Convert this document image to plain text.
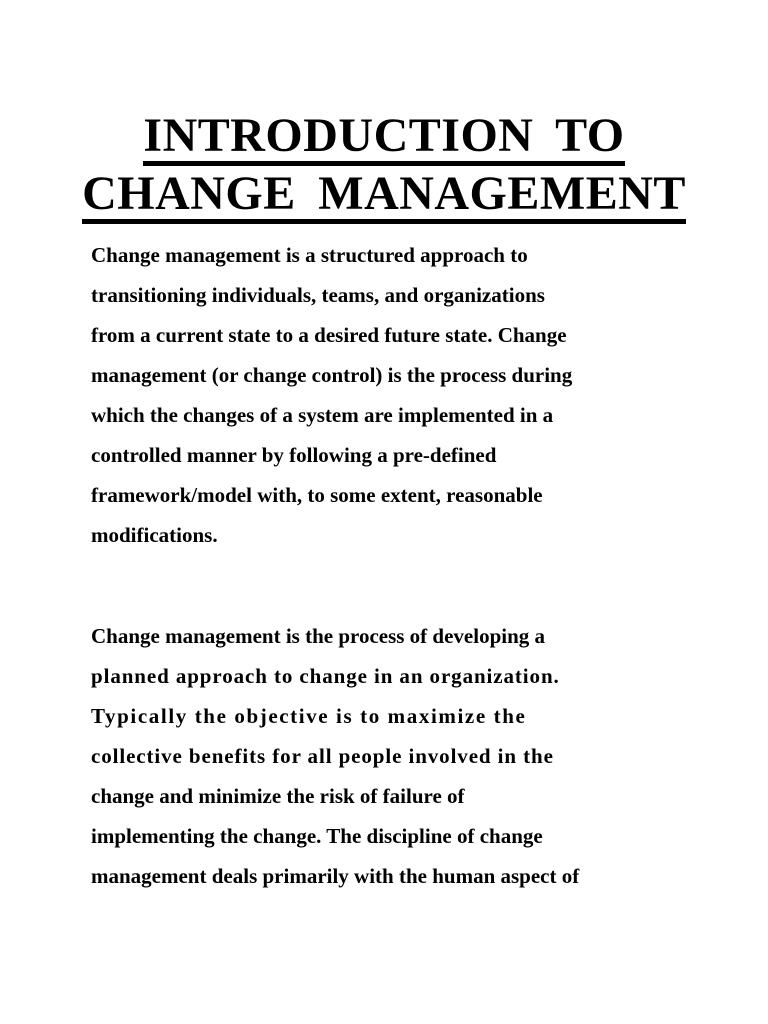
INTRODUCTION TO
CHANGE MANAGEMENT

Change management is a structured approach to
transitioning individuals, teams, and organizations
from a current state to a desired future state. Change
management (or change control) is the process during
which the changes of a system are implemented in a
controlled manner by following a pre-defined
framework/model with, to some extent, reasonable
modifications.

Change management is the process of developing a
planned approach to change in an organization.
Typically the objective is to maximize the
collective benefits for all people involved in the
change and minimize the risk of failure of
implementing the change. The discipline of change
management deals primarily with the human aspect of
